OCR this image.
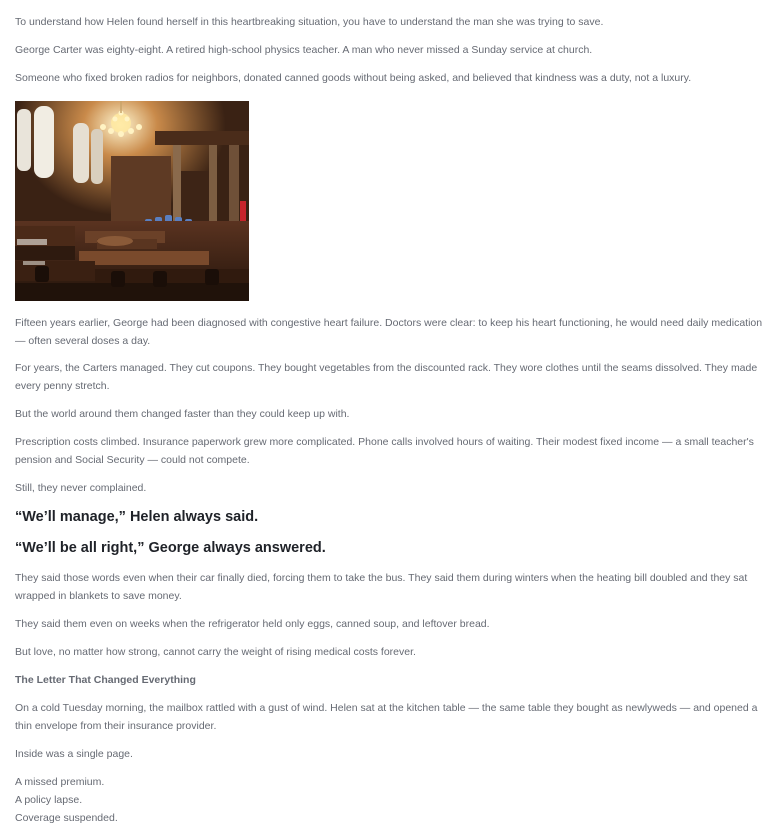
To understand how Helen found herself in this heartbreaking situation, you have to understand the man she was trying to save.

George Carter was eighty-eight. A retired high-school physics teacher. A man who never missed a Sunday service at church.

Someone who fixed broken radios for neighbors, donated canned goods without being asked, and believed that kindness was a duty, not a luxury.

Fifteen years earlier, George had been diagnosed with congestive heart failure. Doctors were clear: to keep his heart functioning, he would need daily medication — often several doses a day.

For years, the Carters managed. They cut coupons. They bought vegetables from the discounted rack. They wore clothes until the seams dissolved. They made every penny stretch.

But the world around them changed faster than they could keep up with.

Prescription costs climbed. Insurance paperwork grew more complicated. Phone calls involved hours of waiting. Their modest fixed income — a small teacher's pension and Social Security — could not compete.

Still, they never complained.

“We’ll manage,” Helen always said.

“We’ll be all right,” George always answered.

They said those words even when their car finally died, forcing them to take the bus. They said them during winters when the heating bill doubled and they sat wrapped in blankets to save money.

They said them even on weeks when the refrigerator held only eggs, canned soup, and leftover bread.

But love, no matter how strong, cannot carry the weight of rising medical costs forever.

The Letter That Changed Everything

On a cold Tuesday morning, the mailbox rattled with a gust of wind. Helen sat at the kitchen table — the same table they bought as newlyweds — and opened a thin envelope from their insurance provider.

Inside was a single page.

A missed premium.
A policy lapse.
Coverage suspended.
